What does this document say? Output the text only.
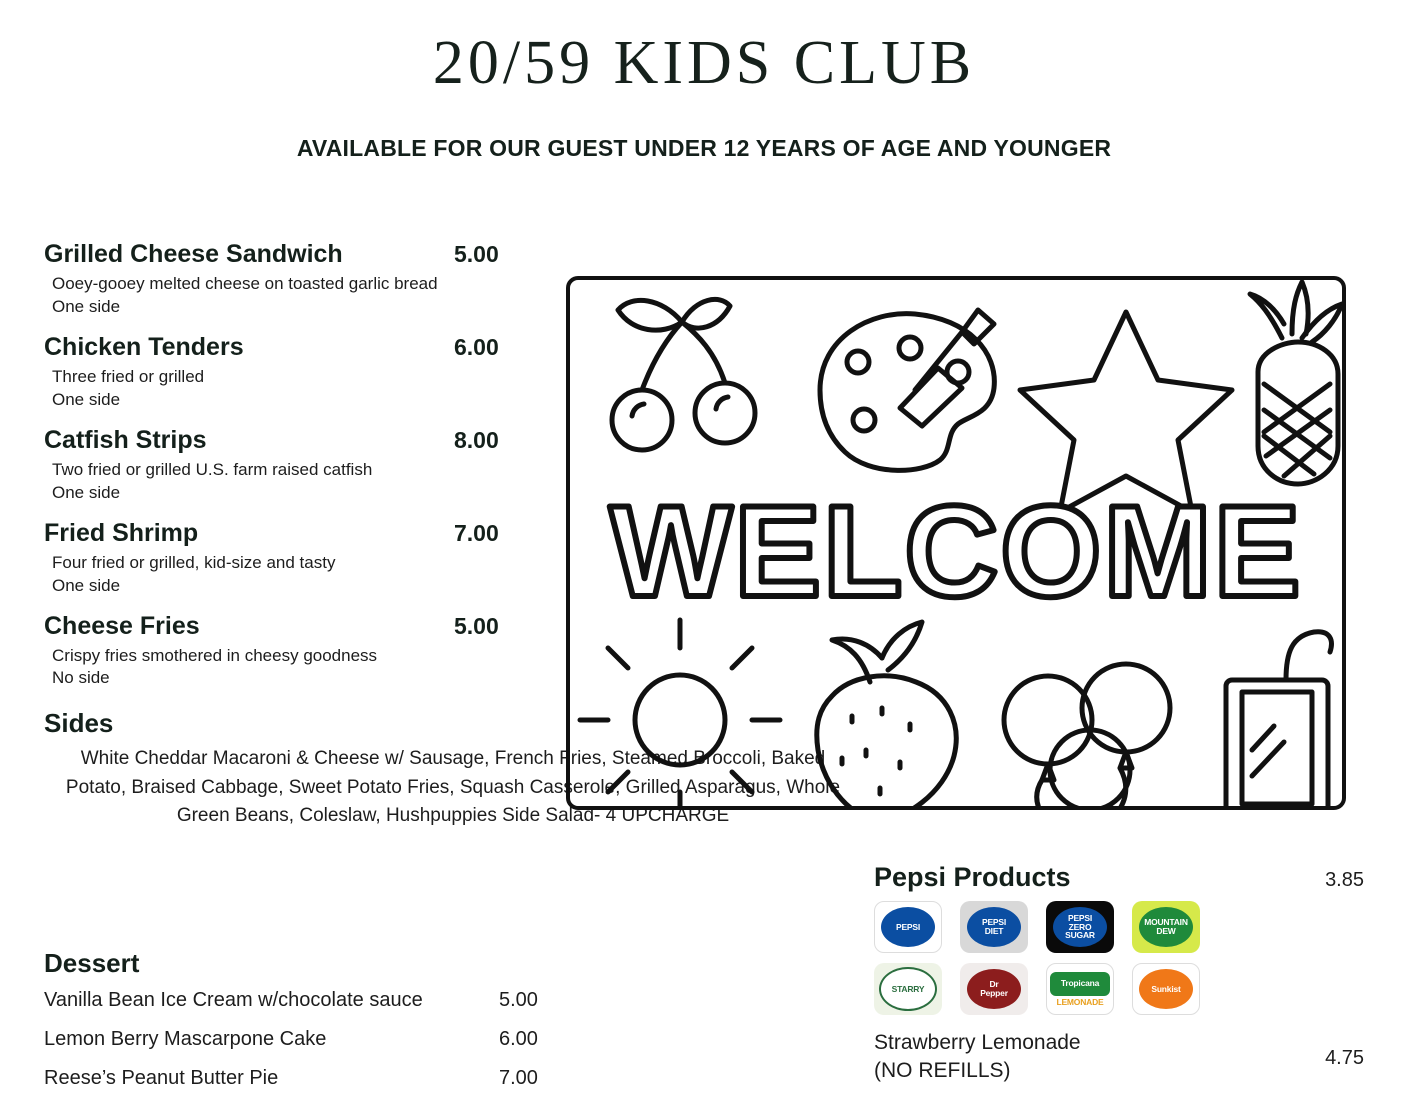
20/59 KIDS CLUB
AVAILABLE FOR OUR GUEST UNDER 12 YEARS OF AGE AND YOUNGER
Grilled Cheese Sandwich	5.00
Ooey-gooey melted cheese on toasted garlic bread
One side
Chicken Tenders	6.00
Three fried or grilled
One side
Catfish Strips	8.00
Two fried or grilled U.S. farm raised catfish
One side
Fried Shrimp	7.00
Four fried or grilled, kid-size and tasty
One side
Cheese Fries	5.00
Crispy fries smothered in cheesy goodness
No side
Sides
White Cheddar Macaroni & Cheese w/ Sausage, French Fries, Steamed Broccoli, Baked Potato, Braised Cabbage, Sweet Potato Fries, Squash Casserole, Grilled Asparagus, Whole Green Beans, Coleslaw, Hushpuppies Side Salad- 4 UPCHARGE
Dessert
Vanilla Bean Ice Cream w/chocolate sauce	5.00
Lemon Berry Mascarpone Cake	6.00
Reese’s Peanut Butter Pie	7.00
WELCOME
Pepsi Products	3.85
PEPSI	PEPSI
DIET
PEPSI
ZERO SUGAR
MOUNTAIN
DEW
STARRY	Dr
Pepper
Tropicana
LEMONADE
Sunkist
Strawberry Lemonade
(NO REFILLS)
4.75
